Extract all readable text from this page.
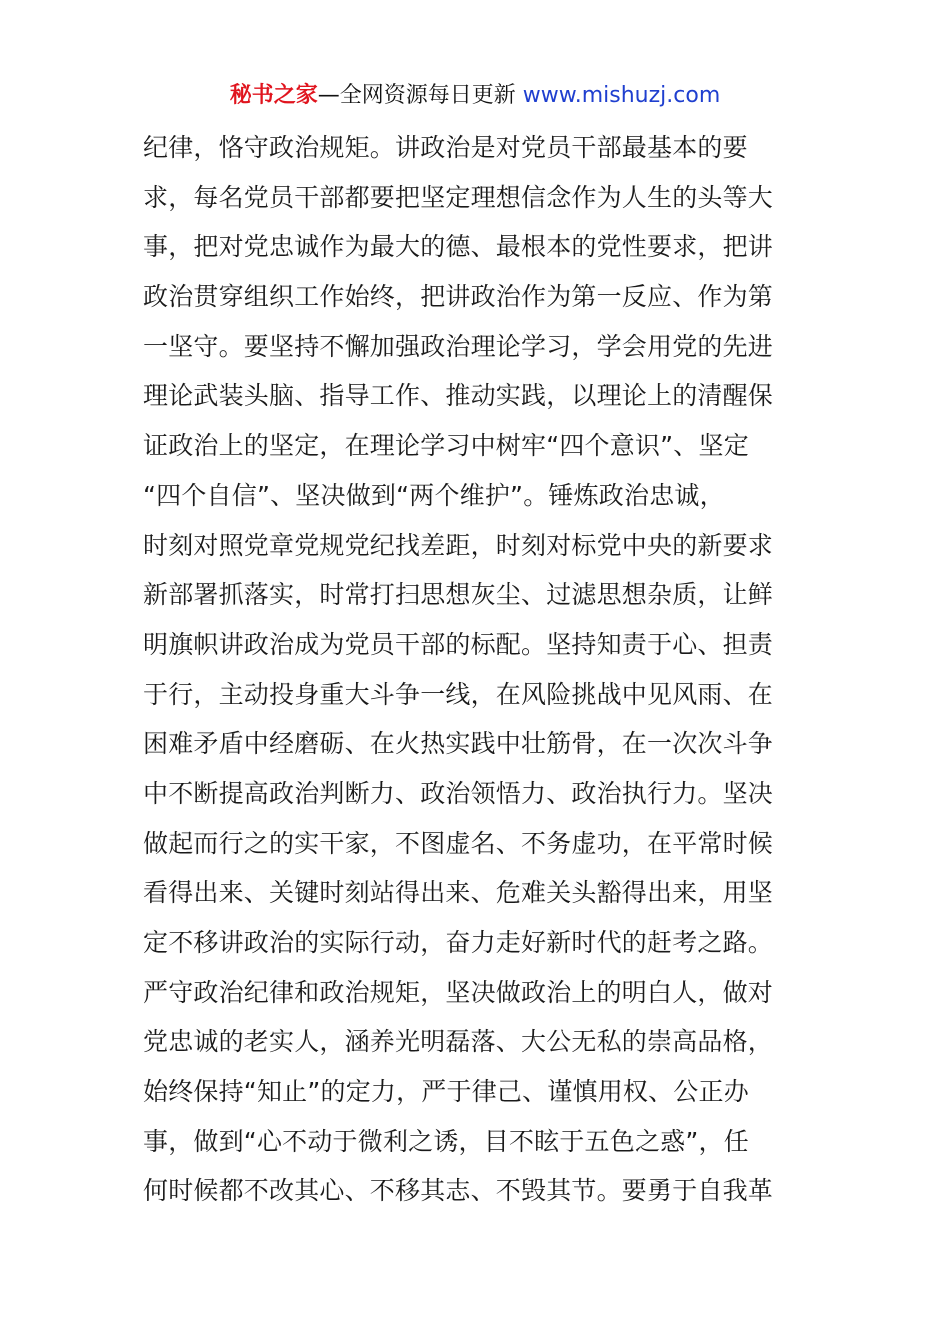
秘书之家—全网资源每日更新 www.mishuzj.com
纪律，恪守政治规矩。讲政治是对党员干部最基本的要
求，每名党员干部都要把坚定理想信念作为人生的头等大
事，把对党忠诚作为最大的德、最根本的党性要求，把讲
政治贯穿组织工作始终，把讲政治作为第一反应、作为第
一坚守。要坚持不懈加强政治理论学习，学会用党的先进
理论武装头脑、指导工作、推动实践，以理论上的清醒保
证政治上的坚定，在理论学习中树牢“四个意识”、坚定
“四个自信”、坚决做到“两个维护”。锤炼政治忠诚，
时刻对照党章党规党纪找差距，时刻对标党中央的新要求
新部署抓落实，时常打扫思想灰尘、过滤思想杂质，让鲜
明旗帜讲政治成为党员干部的标配。坚持知责于心、担责
于行，主动投身重大斗争一线，在风险挑战中见风雨、在
困难矛盾中经磨砺、在火热实践中壮筋骨，在一次次斗争
中不断提高政治判断力、政治领悟力、政治执行力。坚决
做起而行之的实干家，不图虚名、不务虚功，在平常时候
看得出来、关键时刻站得出来、危难关头豁得出来，用坚
定不移讲政治的实际行动，奋力走好新时代的赶考之路。
严守政治纪律和政治规矩，坚决做政治上的明白人，做对
党忠诚的老实人，涵养光明磊落、大公无私的崇高品格，
始终保持“知止”的定力，严于律己、谨慎用权、公正办
事，做到“心不动于微利之诱，目不眩于五色之惑”，任
何时候都不改其心、不移其志、不毁其节。要勇于自我革
